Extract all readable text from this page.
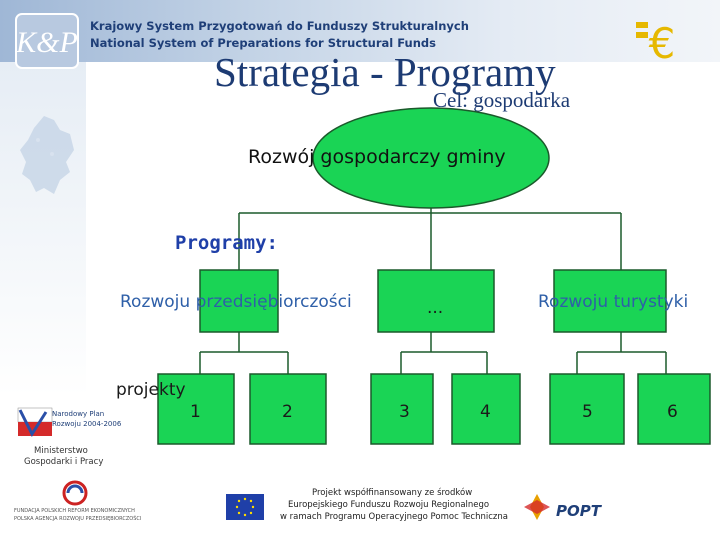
K&P Krajowy System Przygotowań do Funduszy Strukturalnych
National System of Preparations for Structural Funds	€
Strategia - Programy
Cel: gospodarka
Rozwój gospodarczy gminy
Programy:
Rozwoju przedsiębiorczości	...	Rozwoju turystyki
projekty
1	2	3	4	5	6
Narodowy Plan
Rozwoju 2004-2006
Ministerstwo
Gospodarki i Pracy
FUNDACJA POLSKICH REFORM EKONOMICZNYCH
POLSKA AGENCJA ROZWOJU PRZEDSIĘBIORCZOŚCI
Projekt współfinansowany ze środków
Europejskiego Funduszu Rozwoju Regionalnego
w ramach Programu Operacyjnego Pomoc Techniczna	POPT
